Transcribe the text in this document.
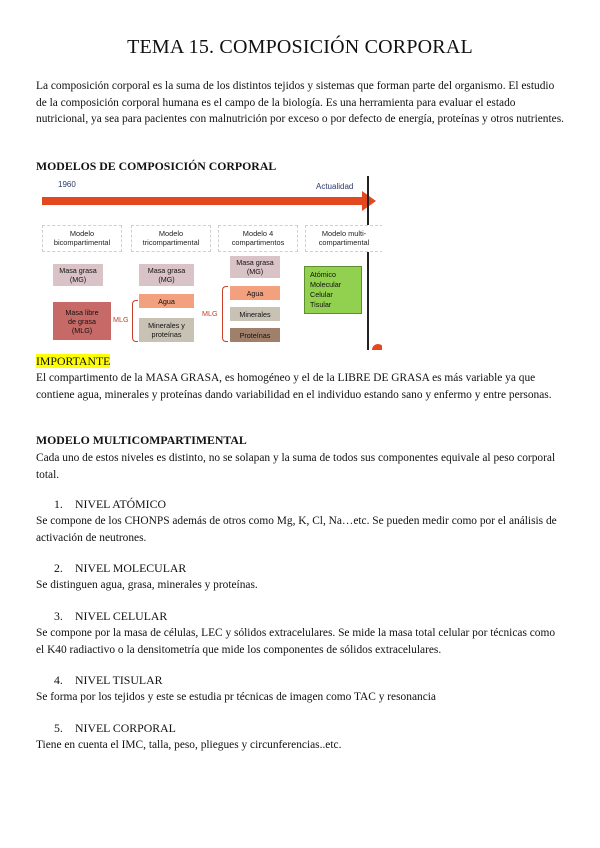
TEMA 15. COMPOSICIÓN CORPORAL

La composición corporal es la suma de los distintos tejidos y sistemas que forman parte del organismo. El estudio de la composición corporal humana es el campo de la biología. Es una herramienta para evaluar el estado nutricional, ya sea para pacientes con malnutrición por exceso o por defecto de energía, proteínas y otros nutrientes.

MODELOS DE COMPOSICIÓN CORPORAL

1960	Actualidad
Modelo
bicompartimental
Modelo
tricompartimental
Modelo 4
compartimentos
Modelo multi-
compartimental
Masa grasa
(MG)
Masa libre
de grasa
(MLG)
Masa grasa
(MG)
MLG
Agua
Minerales y
proteínas
Masa grasa
(MG)
MLG
Agua
Minerales
Proteínas
Atómico
Molecular
Celular
Tisular

IMPORTANTE

El compartimento de la MASA GRASA, es homogéneo y el de la LIBRE DE GRASA es más variable ya que contiene agua, minerales y proteínas dando variabilidad en el individuo estando sano y enfermo y entre personas.

MODELO MULTICOMPARTIMENTAL

Cada uno de estos niveles es distinto, no se solapan y la suma de todos sus componentes equivale al peso corporal total.

1. NIVEL ATÓMICO

Se compone de los CHONPS además de otros como Mg, K, Cl, Na…etc. Se pueden medir como por el análisis de activación de neutrones.

2. NIVEL MOLECULAR

Se distinguen agua, grasa, minerales y proteínas.

3. NIVEL CELULAR

Se compone por la masa de células, LEC y sólidos extracelulares. Se mide la masa total celular por técnicas como el K40 radiactivo o la densitometría que mide los componentes de sólidos extracelulares.

4. NIVEL TISULAR

Se forma por los tejidos y este se estudia pr técnicas de imagen como TAC y resonancia

5. NIVEL CORPORAL

Tiene en cuenta el IMC, talla, peso, pliegues y circunferencias..etc.
